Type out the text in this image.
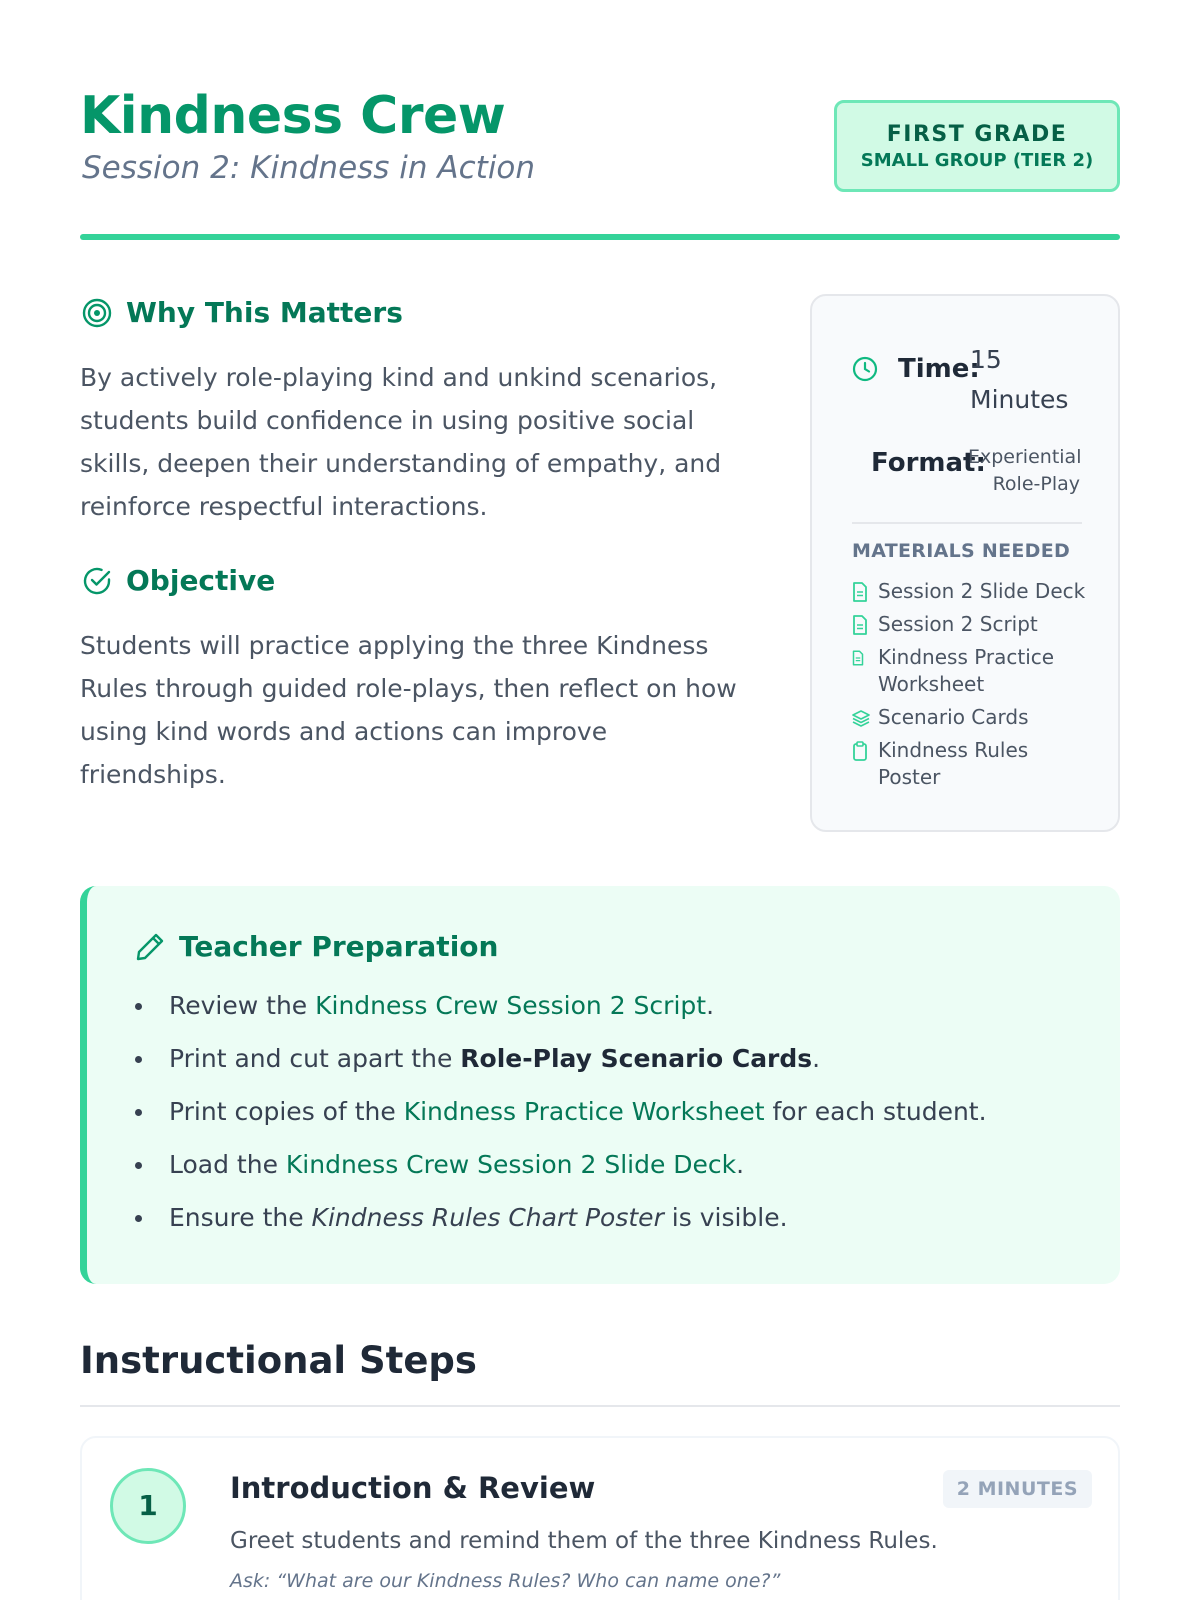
Kindness Crew
Session 2: Kindness in Action
FIRST GRADE
SMALL GROUP (TIER 2)
Why This Matters

By actively role-playing kind and unkind scenarios, students build confidence in using positive social skills, deepen their understanding of empathy, and reinforce respectful interactions.

Objective

Students will practice applying the three Kindness Rules through guided role-plays, then reflect on how using kind words and actions can improve friendships.

Time:
15
Minutes
Format:
Experiential
Role-Play
MATERIALS NEEDED
Session 2 Slide Deck
Session 2 Script
Kindness Practice Worksheet
Scenario Cards
Kindness Rules Poster
Teacher Preparation
Review the Kindness Crew Session 2 Script.
Print and cut apart the Role-Play Scenario Cards.
Print copies of the Kindness Practice Worksheet for each student.
Load the Kindness Crew Session 2 Slide Deck.
Ensure the Kindness Rules Chart Poster is visible.
Instructional Steps
1
Introduction & Review	2 MINUTES
Greet students and remind them of the three Kindness Rules.
Ask: “What are our Kindness Rules? Who can name one?”
